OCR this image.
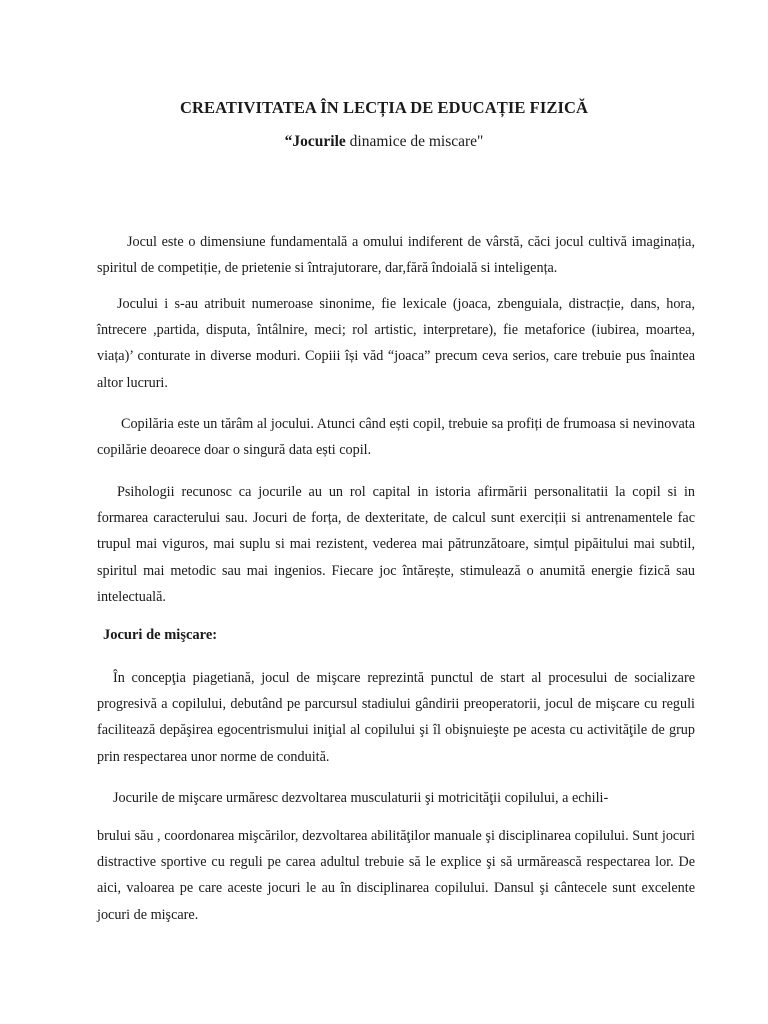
CREATIVITATEA ÎN LECȚIA DE EDUCAȚIE FIZICĂ
“Jocurile dinamice de miscare"

Jocul este o dimensiune fundamentală a omului indiferent de vârstă, căci jocul cultivă imaginația, spiritul de competiție, de prietenie si întrajutorare, dar,fără îndoială si inteligența.

Jocului i s-au atribuit numeroase sinonime, fie lexicale (joaca, zbenguiala, distracție, dans, hora, întrecere ,partida, disputa, întâlnire, meci; rol artistic, interpretare), fie metaforice (iubirea, moartea, viața)’ conturate in diverse moduri. Copiii își văd “joaca” precum ceva serios, care trebuie pus înaintea altor lucruri.

Copilăria este un tărâm al jocului. Atunci când ești copil, trebuie sa profiți de frumoasa si nevinovata copilărie deoarece doar o singură data ești copil.

Psihologii recunosc ca jocurile au un rol capital in istoria afirmării personalitatii la copil si in formarea caracterului sau. Jocuri de forța, de dexteritate, de calcul sunt exerciții si antrenamentele fac trupul mai viguros, mai suplu si mai rezistent, vederea mai pătrunzătoare, simțul pipăitului mai subtil, spiritul mai metodic sau mai ingenios. Fiecare joc întărește, stimulează o anumită energie fizică sau intelectuală.

Jocuri de mişcare:

În concepţia piagetiană, jocul de mişcare reprezintă punctul de start al procesului de socializare progresivă a copilului, debutând pe parcursul stadiului gândirii preoperatorii, jocul de mişcare cu reguli facilitează depăşirea egocentrismului iniţial al copilului şi îl obişnuieşte pe acesta cu activităţile de grup prin respectarea unor norme de conduită.

Jocurile de mişcare urmăresc dezvoltarea musculaturii şi motricităţii copilului, a echili-

brului său , coordonarea mişcărilor, dezvoltarea abilităţilor manuale şi disciplinarea copilului. Sunt jocuri distractive sportive cu reguli pe carea adultul trebuie să le explice şi să urmărească respectarea lor. De aici, valoarea pe care aceste jocuri le au în disciplinarea copilului. Dansul şi cântecele sunt excelente jocuri de mişcare.
